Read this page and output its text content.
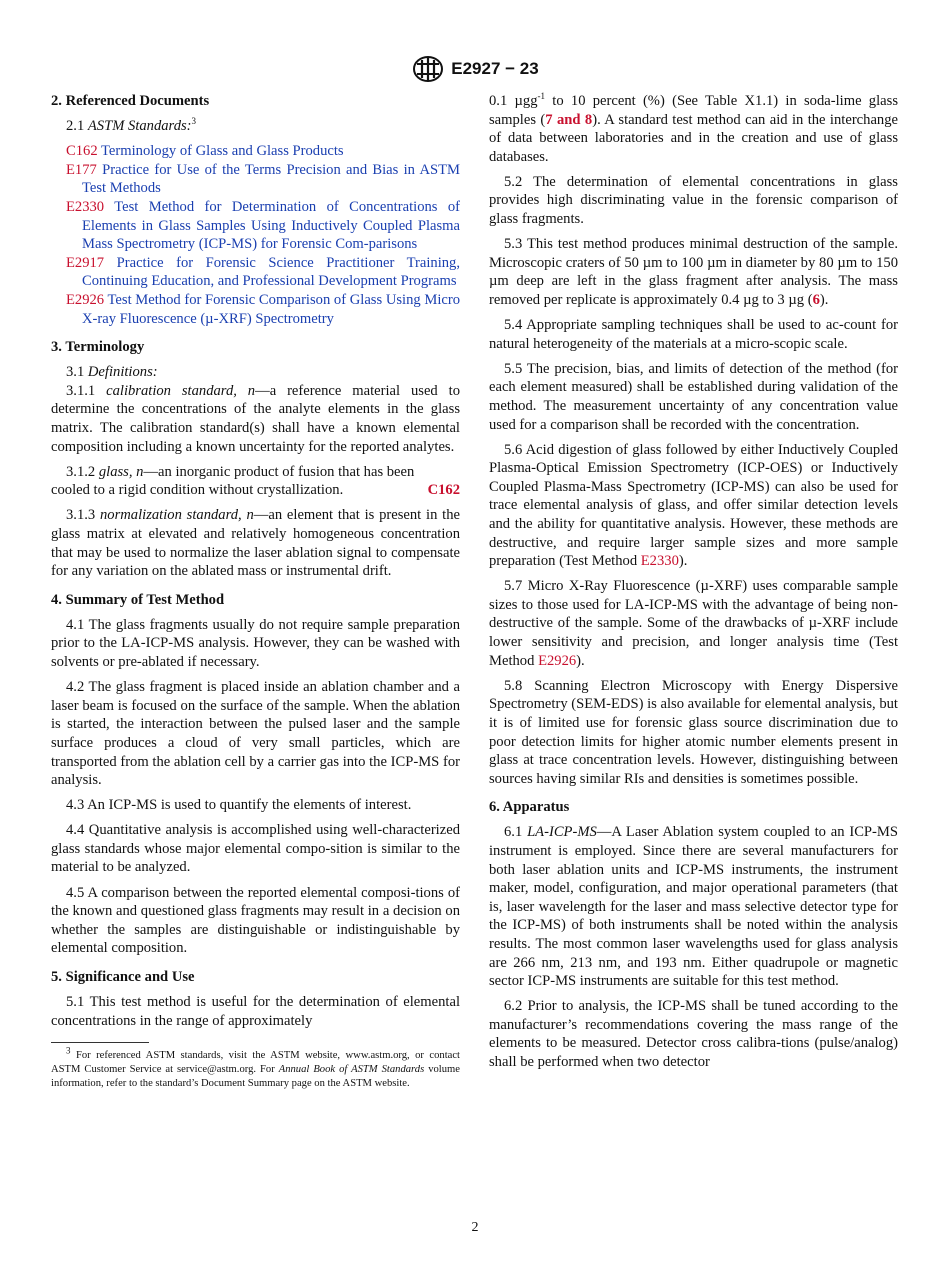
E2927 − 23
2. Referenced Documents

2.1 ASTM Standards:$^3$

C162 Terminology of Glass and Glass Products
E177 Practice for Use of the Terms Precision and Bias in ASTM Test Methods
E2330 Test Method for Determination of Concentrations of Elements in Glass Samples Using Inductively Coupled Plasma Mass Spectrometry (ICP-MS) for Forensic Com-parisons
E2917 Practice for Forensic Science Practitioner Training, Continuing Education, and Professional Development Programs
E2926 Test Method for Forensic Comparison of Glass Using Micro X-ray Fluorescence (µ-XRF) Spectrometry
3. Terminology

3.1 Definitions:

3.1.1 calibration standard, n—a reference material used to determine the concentrations of the analyte elements in the glass matrix. The calibration standard(s) shall have a known elemental composition including a known uncertainty for the reported analytes.

3.1.2 glass, n—an inorganic product of fusion that has been
cooled to a rigid condition without crystallization.	C162

3.1.3 normalization standard, n—an element that is present in the glass matrix at elevated and relatively homogeneous concentration that may be used to normalize the laser ablation signal to compensate for any variation on the ablated mass or instrumental drift.

4. Summary of Test Method

4.1 The glass fragments usually do not require sample preparation prior to the LA-ICP-MS analysis. However, they can be washed with solvents or pre-ablated if necessary.

4.2 The glass fragment is placed inside an ablation chamber and a laser beam is focused on the surface of the sample. When the ablation is started, the interaction between the pulsed laser and the sample surface produces a cloud of very small particles, which are transported from the ablation cell by a carrier gas into the ICP-MS for analysis.

4.3 An ICP-MS is used to quantify the elements of interest.

4.4 Quantitative analysis is accomplished using well-characterized glass standards whose major elemental compo-sition is similar to the material to be analyzed.

4.5 A comparison between the reported elemental composi-tions of the known and questioned glass fragments may result in a decision on whether the samples are distinguishable or indistinguishable by elemental composition.

5. Significance and Use

5.1 This test method is useful for the determination of elemental concentrations in the range of approximately

$^3$ For referenced ASTM standards, visit the ASTM website, www.astm.org, or contact ASTM Customer Service at service@astm.org. For Annual Book of ASTM Standards volume information, refer to the standard’s Document Summary page on the ASTM website.

0.1 µgg$^{-1}$ to 10 percent (%) (See Table X1.1) in soda-lime glass samples (7 and 8). A standard test method can aid in the interchange of data between laboratories and in the creation and use of glass databases.

5.2 The determination of elemental concentrations in glass provides high discriminating value in the forensic comparison of glass fragments.

5.3 This test method produces minimal destruction of the sample. Microscopic craters of 50 µm to 100 µm in diameter by 80 µm to 150 µm deep are left in the glass fragment after analysis. The mass removed per replicate is approximately 0.4 µg to 3 µg (6).

5.4 Appropriate sampling techniques shall be used to ac-count for natural heterogeneity of the materials at a micro-scopic scale.

5.5 The precision, bias, and limits of detection of the method (for each element measured) shall be established during validation of the method. The measurement uncertainty of any concentration value used for a comparison shall be recorded with the concentration.

5.6 Acid digestion of glass followed by either Inductively Coupled Plasma-Optical Emission Spectrometry (ICP-OES) or Inductively Coupled Plasma-Mass Spectrometry (ICP-MS) can also be used for trace elemental analysis of glass, and offer similar detection levels and the ability for quantitative analysis. However, these methods are destructive, and require larger sample sizes and more sample preparation (Test Method E2330).

5.7 Micro X-Ray Fluorescence (µ-XRF) uses comparable sample sizes to those used for LA-ICP-MS with the advantage of being non-destructive of the sample. Some of the drawbacks of µ-XRF include lower sensitivity and precision, and longer analysis time (Test Method E2926).

5.8 Scanning Electron Microscopy with Energy Dispersive Spectrometry (SEM-EDS) is also available for elemental analysis, but it is of limited use for forensic glass source discrimination due to poor detection limits for higher atomic number elements present in glass at trace concentration levels. However, distinguishing between sources having similar RIs and densities is sometimes possible.

6. Apparatus

6.1 LA-ICP-MS—A Laser Ablation system coupled to an ICP-MS instrument is employed. Since there are several manufacturers for both laser ablation units and ICP-MS instruments, the instrument maker, model, configuration, and major operational parameters (that is, laser wavelength for the laser and mass selective detector type for the ICP-MS) of both instruments shall be noted within the analysis results. The most common laser wavelengths used for glass analysis are 266 nm, 213 nm, and 193 nm. Either quadrupole or magnetic sector ICP-MS instruments are suitable for this test method.

6.2 Prior to analysis, the ICP-MS shall be tuned according to the manufacturer’s recommendations covering the mass range of the elements to be measured. Detector cross calibra-tions (pulse/analog) shall be performed when two detector

2
